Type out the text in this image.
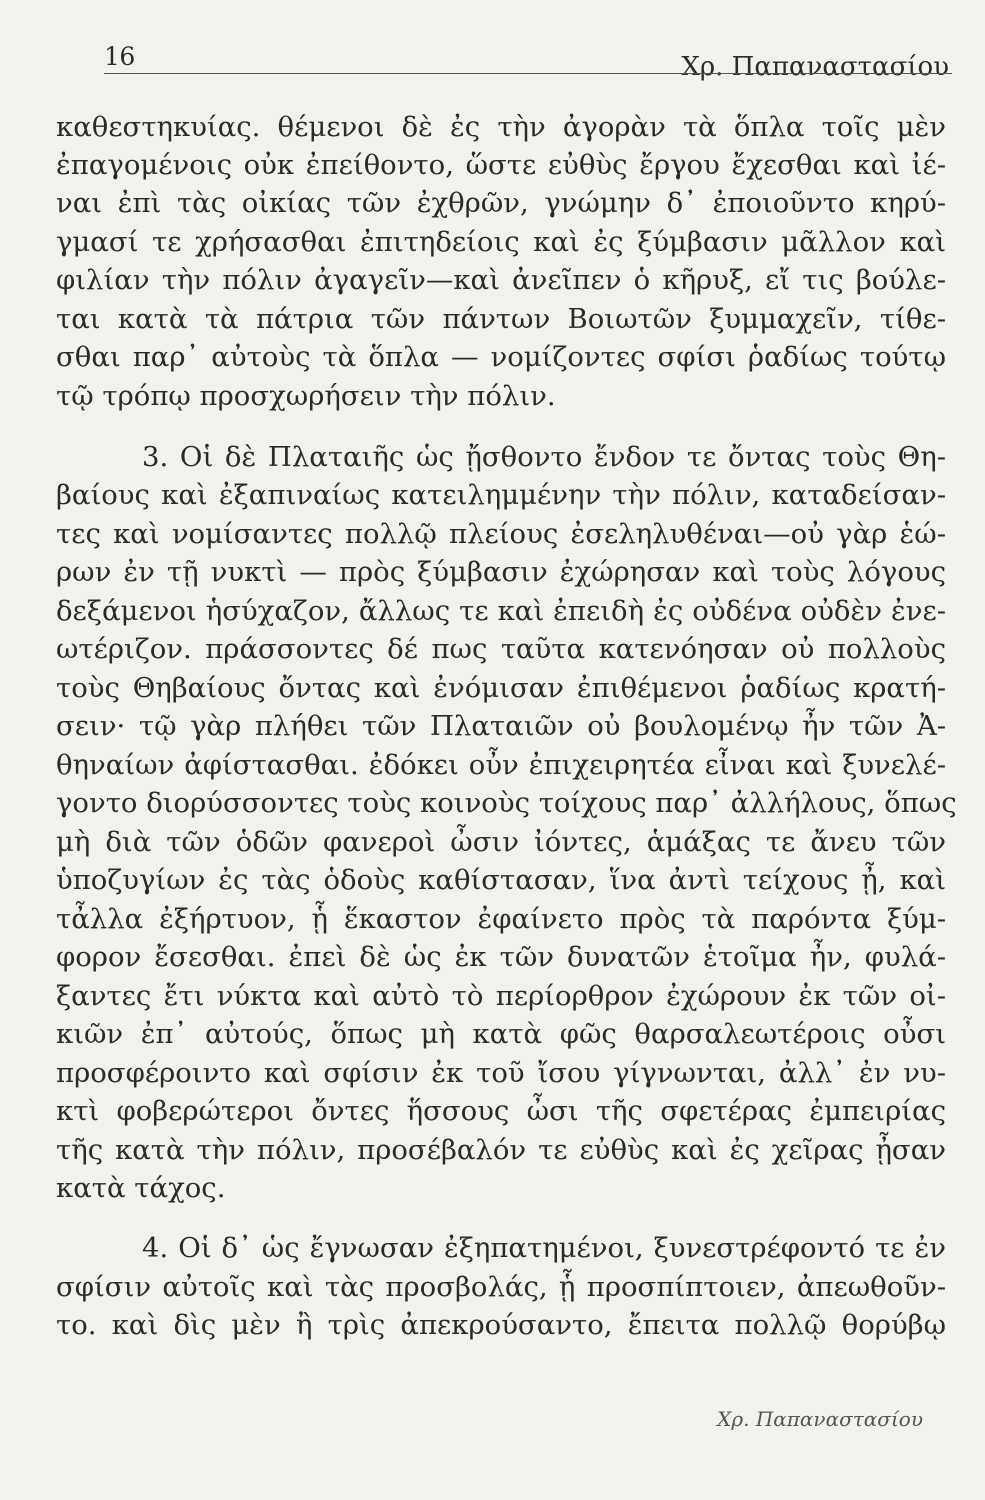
16	Χρ. Παπαναστασίου
καθεστηκυίας. θέμενοι δὲ ἐς τὴν ἀγορὰν τὰ ὅπλα τοῖς μὲν
ἐπαγομένοις οὐκ ἐπείθοντο, ὥστε εὐθὺς ἔργου ἔχεσθαι καὶ ἰέ-
ναι ἐπὶ τὰς οἰκίας τῶν ἐχθρῶν, γνώμην δ᾽ ἐποιοῦντο κηρύ-
γμασί τε χρήσασθαι ἐπιτηδείοις καὶ ἐς ξύμβασιν μᾶλλον καὶ
φιλίαν τὴν πόλιν ἀγαγεῖν—καὶ ἀνεῖπεν ὁ κῆρυξ, εἴ τις βούλε-
ται κατὰ τὰ πάτρια τῶν πάντων Βοιωτῶν ξυμμαχεῖν, τίθε-
σθαι παρ᾽ αὐτοὺς τὰ ὅπλα — νομίζοντες σφίσι ῥαδίως τούτῳ
τῷ τρόπῳ προσχωρήσειν τὴν πόλιν.
3. Οἱ δὲ Πλαταιῆς ὡς ᾔσθοντο ἔνδον τε ὄντας τοὺς Θη-
βαίους καὶ ἐξαπιναίως κατειλημμένην τὴν πόλιν, καταδείσαν-
τες καὶ νομίσαντες πολλῷ πλείους ἐσεληλυθέναι—οὐ γὰρ ἑώ-
ρων ἐν τῇ νυκτὶ — πρὸς ξύμβασιν ἐχώρησαν καὶ τοὺς λόγους
δεξάμενοι ἡσύχαζον, ἄλλως τε καὶ ἐπειδὴ ἐς οὐδένα οὐδὲν ἐνε-
ωτέριζον. πράσσοντες δέ πως ταῦτα κατενόησαν οὐ πολλοὺς
τοὺς Θηβαίους ὄντας καὶ ἐνόμισαν ἐπιθέμενοι ῥαδίως κρατή-
σειν· τῷ γὰρ πλήθει τῶν Πλαταιῶν οὐ βουλομένῳ ἦν τῶν Ἀ-
θηναίων ἀφίστασθαι. ἐδόκει οὖν ἐπιχειρητέα εἶναι καὶ ξυνελέ-
γοντο διορύσσοντες τοὺς κοινοὺς τοίχους παρ᾽ ἀλλήλους, ὅπως
μὴ διὰ τῶν ὁδῶν φανεροὶ ὦσιν ἰόντες, ἁμάξας τε ἄνευ τῶν
ὑποζυγίων ἐς τὰς ὁδοὺς καθίστασαν, ἵνα ἀντὶ τείχους ᾖ, καὶ
τἆλλα ἐξήρτυον, ᾗ ἕκαστον ἐφαίνετο πρὸς τὰ παρόντα ξύμ-
φορον ἔσεσθαι. ἐπεὶ δὲ ὡς ἐκ τῶν δυνατῶν ἑτοῖμα ἦν, φυλά-
ξαντες ἔτι νύκτα καὶ αὐτὸ τὸ περίορθρον ἐχώρουν ἐκ τῶν οἰ-
κιῶν ἐπ᾽ αὐτούς, ὅπως μὴ κατὰ φῶς θαρσαλεωτέροις οὖσι
προσφέροιντο καὶ σφίσιν ἐκ τοῦ ἴσου γίγνωνται, ἀλλ᾽ ἐν νυ-
κτὶ φοβερώτεροι ὄντες ἥσσους ὦσι τῆς σφετέρας ἐμπειρίας
τῆς κατὰ τὴν πόλιν, προσέβαλόν τε εὐθὺς καὶ ἐς χεῖρας ᾖσαν
κατὰ τάχος.
4. Οἱ δ᾽ ὡς ἔγνωσαν ἐξηπατημένοι, ξυνεστρέφοντό τε ἐν
σφίσιν αὐτοῖς καὶ τὰς προσβολάς, ᾗ προσπίπτοιεν, ἀπεωθοῦν-
το. καὶ δὶς μὲν ἢ τρὶς ἀπεκρούσαντο, ἔπειτα πολλῷ θορύβῳ
Χρ. Παπαναστασίου
